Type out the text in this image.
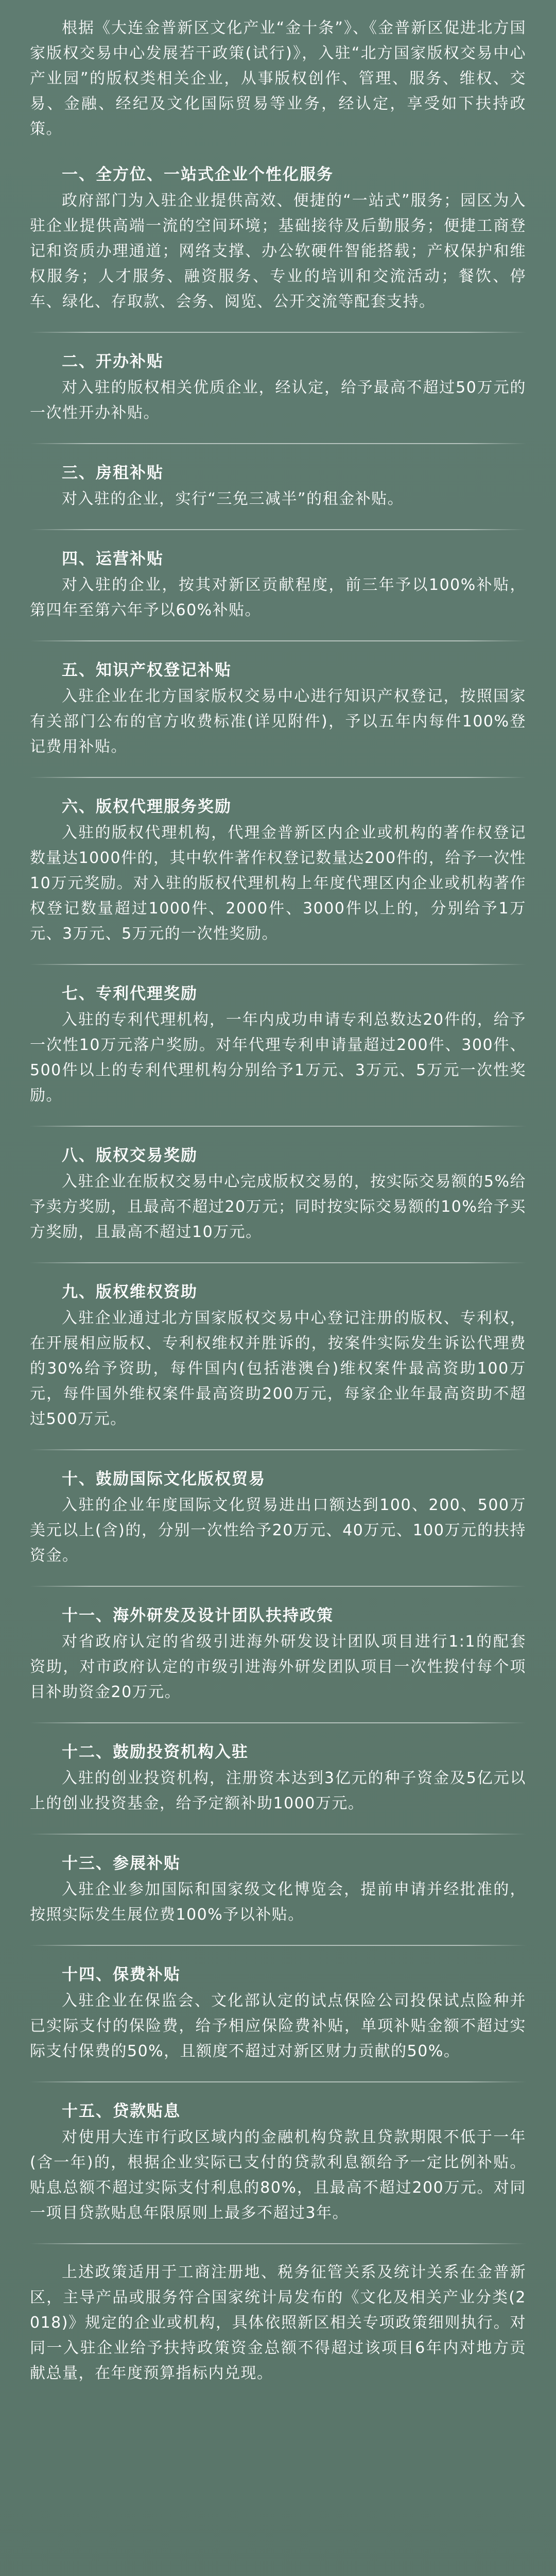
根据《大连金普新区文化产业“金十条”》、《金普新区促进北方国家版权交易中心发展若干政策(试行)》，入驻“北方国家版权交易中心产业园”的版权类相关企业，从事版权创作、管理、服务、维权、交易、金融、经纪及文化国际贸易等业务，经认定，享受如下扶持政策。

一、全方位、一站式企业个性化服务

政府部门为入驻企业提供高效、便捷的“一站式”服务；园区为入驻企业提供高端一流的空间环境；基础接待及后勤服务；便捷工商登记和资质办理通道；网络支撑、办公软硬件智能搭载；产权保护和维权服务；人才服务、融资服务、专业的培训和交流活动；餐饮、停车、绿化、存取款、会务、阅览、公开交流等配套支持。

二、开办补贴

对入驻的版权相关优质企业，经认定，给予最高不超过50万元的一次性开办补贴。

三、房租补贴

对入驻的企业，实行“三免三减半”的租金补贴。

四、运营补贴

对入驻的企业，按其对新区贡献程度，前三年予以100%补贴，第四年至第六年予以60%补贴。

五、知识产权登记补贴

入驻企业在北方国家版权交易中心进行知识产权登记，按照国家有关部门公布的官方收费标准(详见附件)，予以五年内每件100%登记费用补贴。

六、版权代理服务奖励

入驻的版权代理机构，代理金普新区内企业或机构的著作权登记数量达1000件的，其中软件著作权登记数量达200件的，给予一次性10万元奖励。对入驻的版权代理机构上年度代理区内企业或机构著作权登记数量超过1000件、2000件、3000件以上的，分别给予1万元、3万元、5万元的一次性奖励。

七、专利代理奖励

入驻的专利代理机构，一年内成功申请专利总数达20件的，给予一次性10万元落户奖励。对年代理专利申请量超过200件、300件、500件以上的专利代理机构分别给予1万元、3万元、5万元一次性奖励。

八、版权交易奖励

入驻企业在版权交易中心完成版权交易的，按实际交易额的5%给予卖方奖励，且最高不超过20万元；同时按实际交易额的10%给予买方奖励，且最高不超过10万元。

九、版权维权资助

入驻企业通过北方国家版权交易中心登记注册的版权、专利权，在开展相应版权、专利权维权并胜诉的，按案件实际发生诉讼代理费的30%给予资助，每件国内(包括港澳台)维权案件最高资助100万元，每件国外维权案件最高资助200万元，每家企业年最高资助不超过500万元。

十、鼓励国际文化版权贸易

入驻的企业年度国际文化贸易进出口额达到100、200、500万美元以上(含)的，分别一次性给予20万元、40万元、100万元的扶持资金。

十一、海外研发及设计团队扶持政策

对省政府认定的省级引进海外研发设计团队项目进行1:1的配套资助，对市政府认定的市级引进海外研发团队项目一次性拨付每个项目补助资金20万元。

十二、鼓励投资机构入驻

入驻的创业投资机构，注册资本达到3亿元的种子资金及5亿元以上的创业投资基金，给予定额补助1000万元。

十三、参展补贴

入驻企业参加国际和国家级文化博览会，提前申请并经批准的，按照实际发生展位费100%予以补贴。

十四、保费补贴

入驻企业在保监会、文化部认定的试点保险公司投保试点险种并已实际支付的保险费，给予相应保险费补贴，单项补贴金额不超过实际支付保费的50%，且额度不超过对新区财力贡献的50%。

十五、贷款贴息

对使用大连市行政区域内的金融机构贷款且贷款期限不低于一年(含一年)的，根据企业实际已支付的贷款利息额给予一定比例补贴。贴息总额不超过实际支付利息的80%，且最高不超过200万元。对同一项目贷款贴息年限原则上最多不超过3年。

上述政策适用于工商注册地、税务征管关系及统计关系在金普新区，主导产品或服务符合国家统计局发布的《文化及相关产业分类(2018)》规定的企业或机构，具体依照新区相关专项政策细则执行。对同一入驻企业给予扶持政策资金总额不得超过该项目6年内对地方贡献总量，在年度预算指标内兑现。
